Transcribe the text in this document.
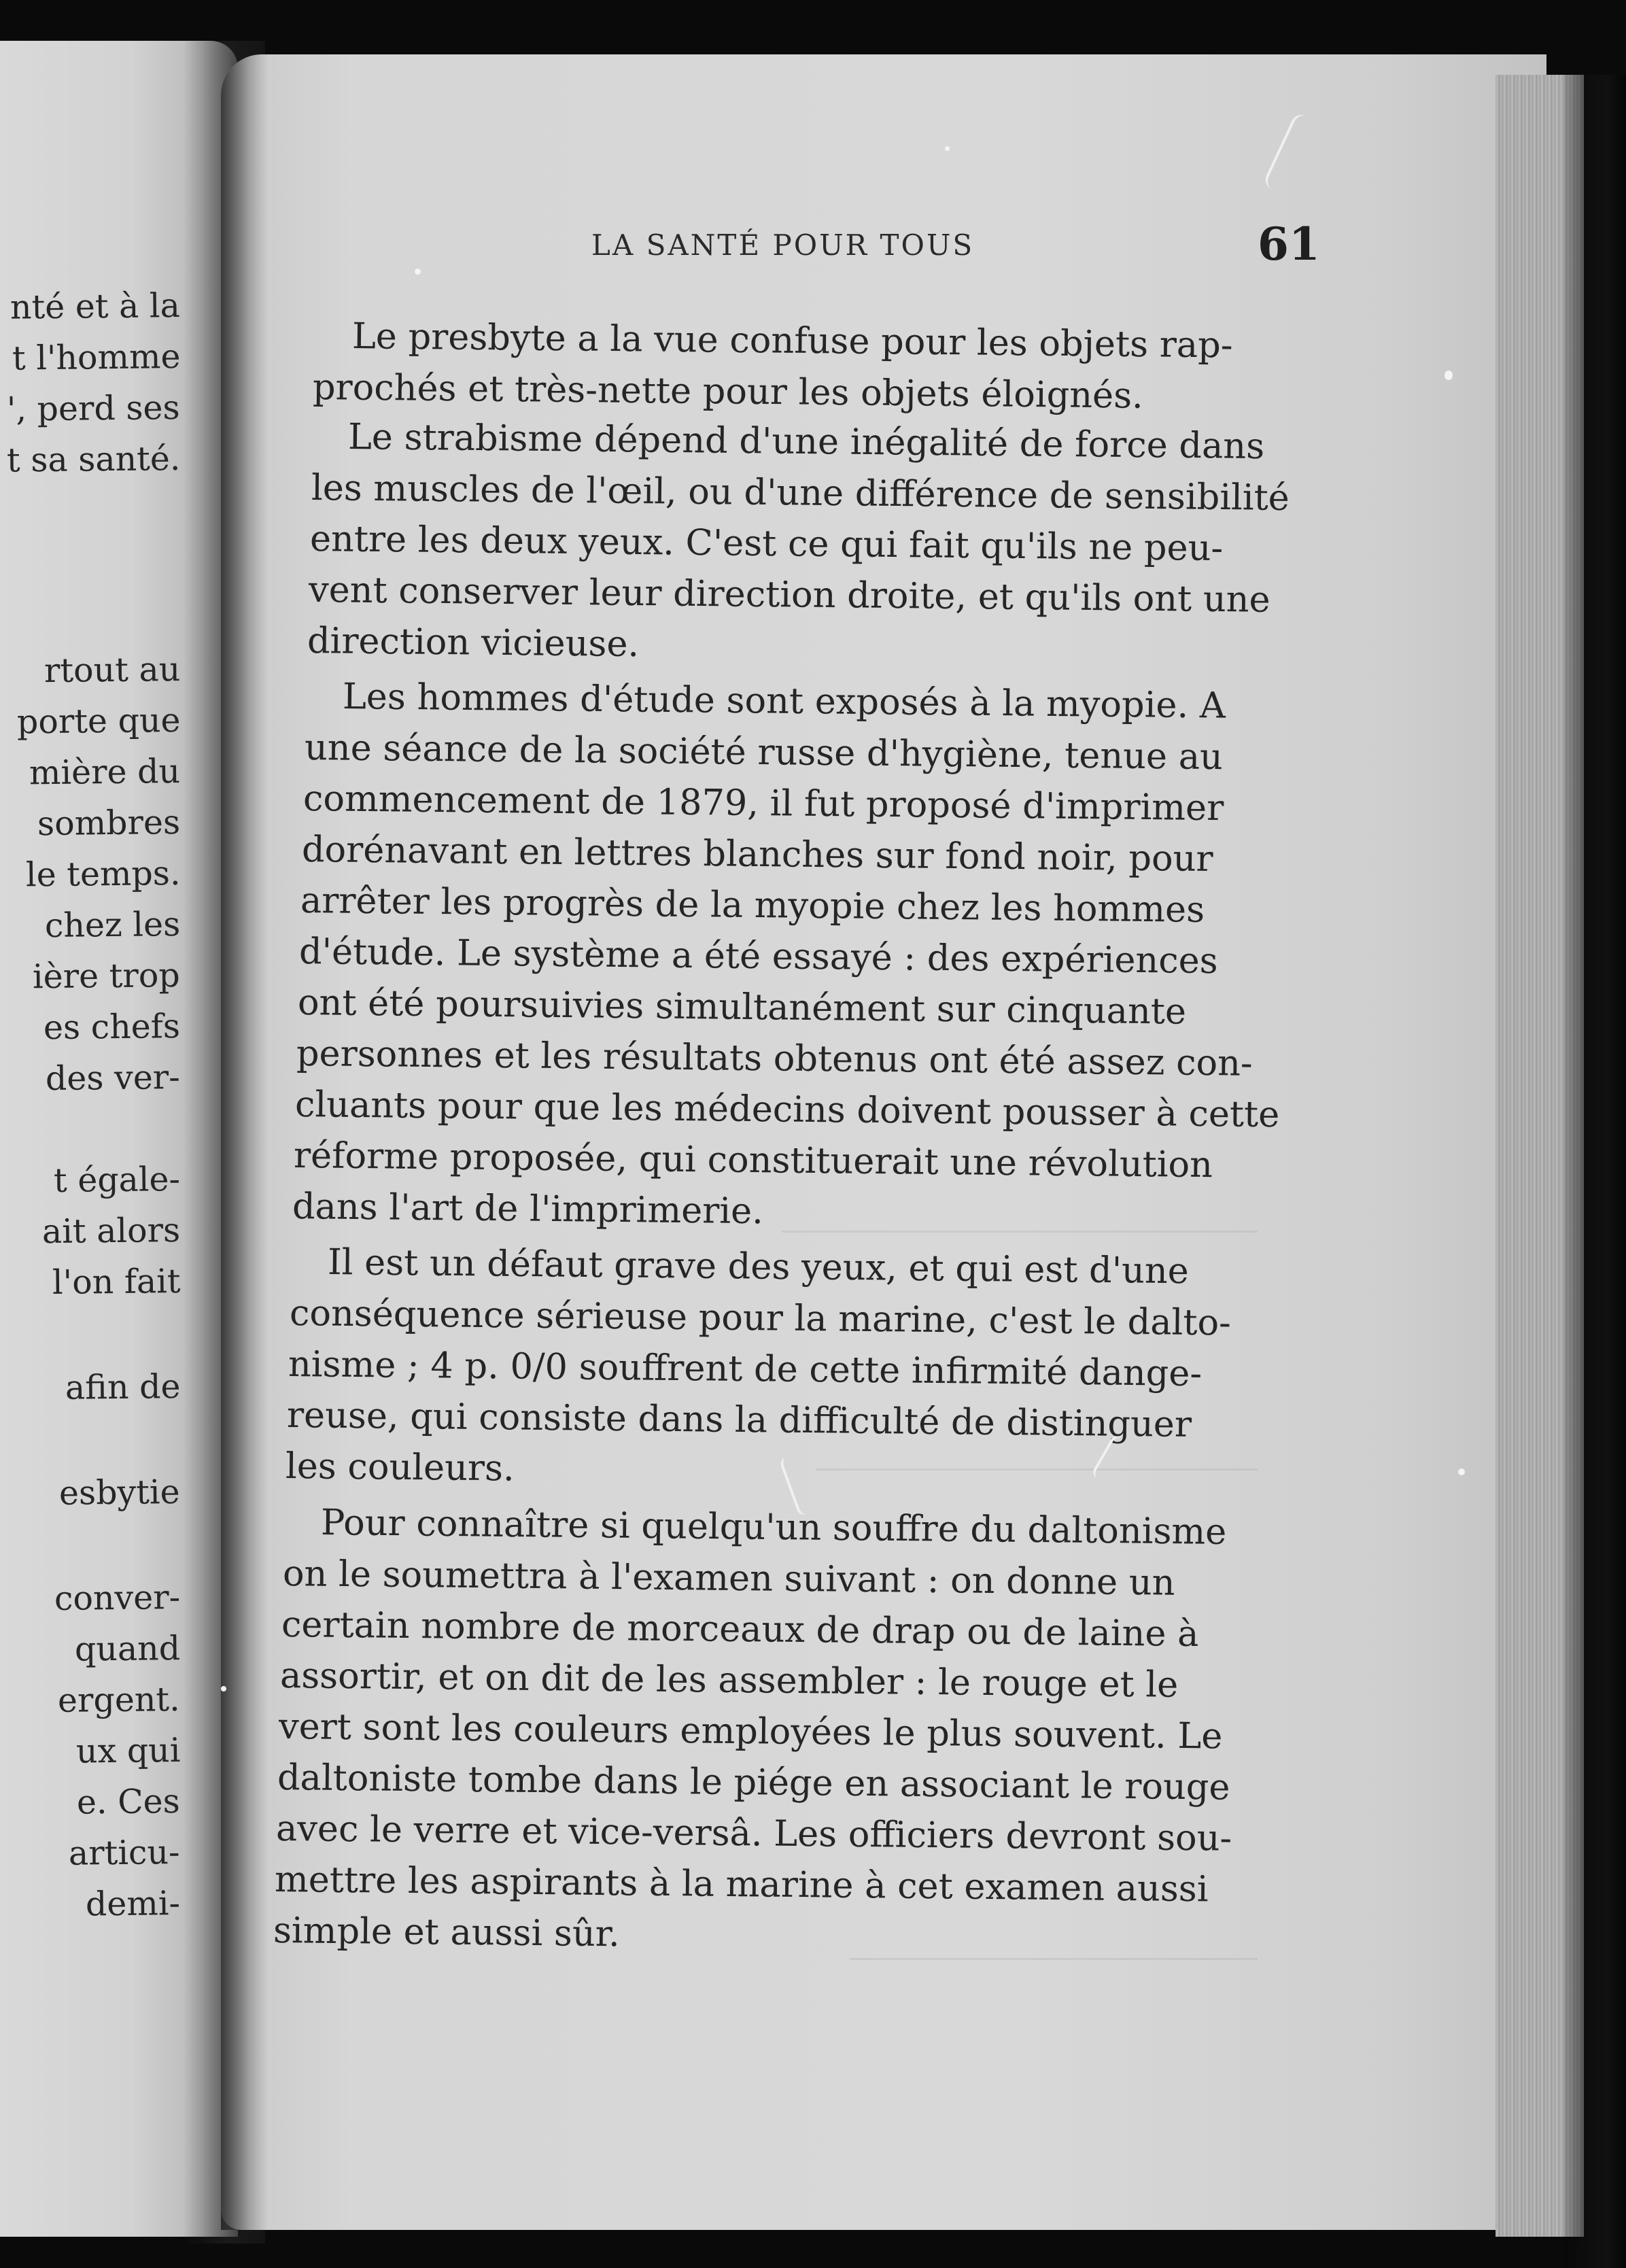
nté et à la
t l'homme
', perd ses
t sa santé.
rtout au
porte que
mière du
sombres
le temps.
chez les
ière trop
es chefs
des ver-
t égale-
ait alors
l'on fait
afin de
esbytie
conver-
quand
ergent.
ux qui
e. Ces
articu-
demi-
LA SANTÉ POUR TOUS	61
Le presbyte a la vue confuse pour les objets rap-
prochés et très-nette pour les objets éloignés.
Le strabisme dépend d'une inégalité de force dans
les muscles de l'œil, ou d'une différence de sensibilité
entre les deux yeux. C'est ce qui fait qu'ils ne peu-
vent conserver leur direction droite, et qu'ils ont une
direction vicieuse.
Les hommes d'étude sont exposés à la myopie. A
une séance de la société russe d'hygiène, tenue au
commencement de 1879, il fut proposé d'imprimer
dorénavant en lettres blanches sur fond noir, pour
arrêter les progrès de la myopie chez les hommes
d'étude. Le système a été essayé : des expériences
ont été poursuivies simultanément sur cinquante
personnes et les résultats obtenus ont été assez con-
cluants pour que les médecins doivent pousser à cette
réforme proposée, qui constituerait une révolution
dans l'art de l'imprimerie.
Il est un défaut grave des yeux, et qui est d'une
conséquence sérieuse pour la marine, c'est le dalto-
nisme ; 4 p. 0/0 souffrent de cette infirmité dange-
reuse, qui consiste dans la difficulté de distinguer
les couleurs.
Pour connaître si quelqu'un souffre du daltonisme
on le soumettra à l'examen suivant : on donne un
certain nombre de morceaux de drap ou de laine à
assortir, et on dit de les assembler : le rouge et le
vert sont les couleurs employées le plus souvent. Le
daltoniste tombe dans le piége en associant le rouge
avec le verre et vice-versâ. Les officiers devront sou-
mettre les aspirants à la marine à cet examen aussi
simple et aussi sûr.
